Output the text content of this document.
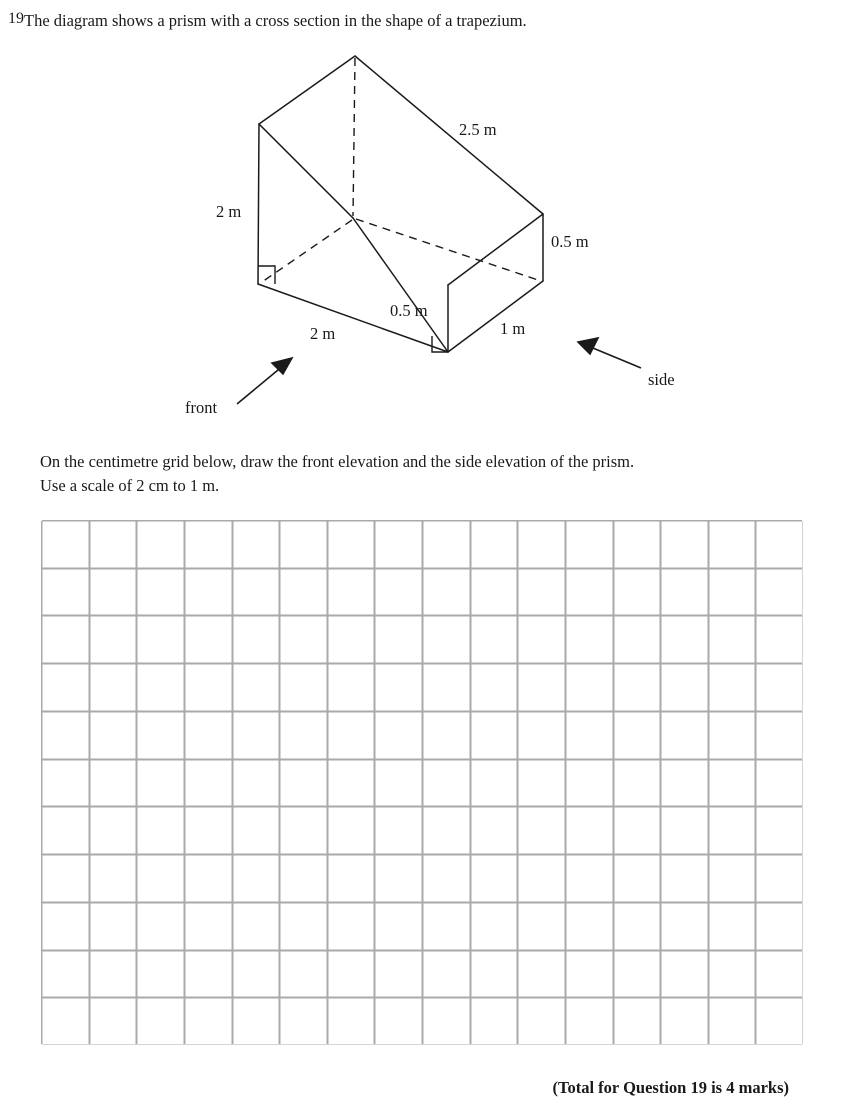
19 The diagram shows a prism with a cross section in the shape of a trapezium.
2 m
2.5 m
0.5 m
2 m
0.5 m
1 m
front
side
On the centimetre grid below, draw the front elevation and the side elevation of the prism.
Use a scale of 2 cm to 1 m.
(Total for Question 19 is 4 marks)
